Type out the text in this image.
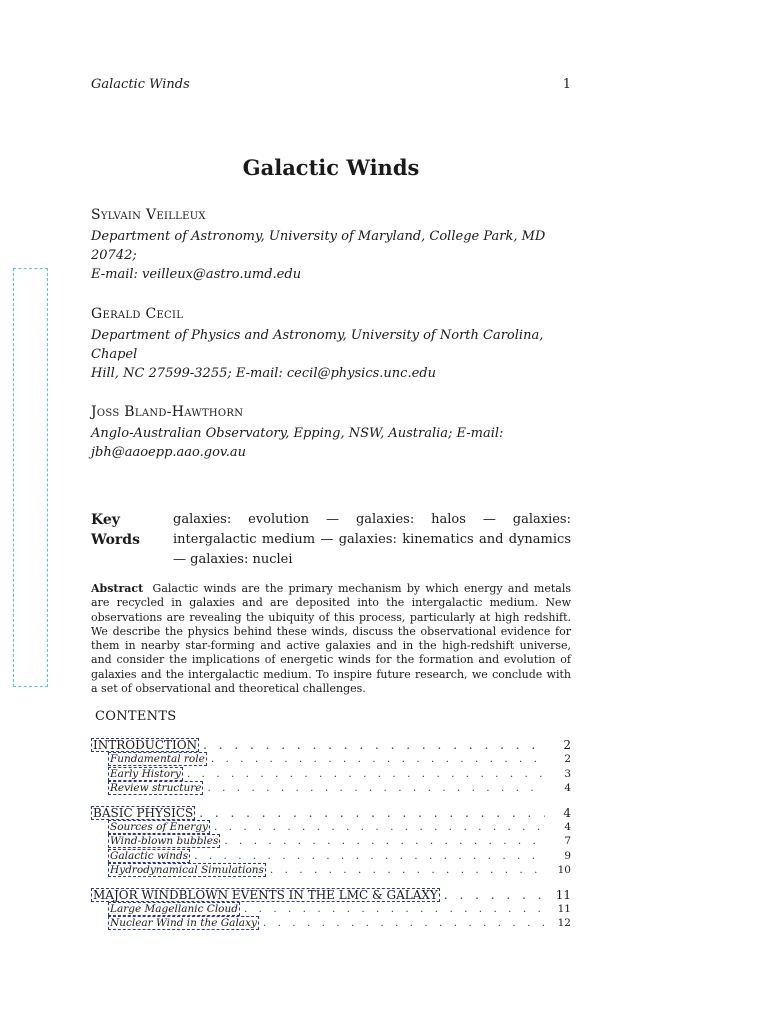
Galactic Winds	1
Galactic Winds
Sylvain Veilleux
Department of Astronomy, University of Maryland, College Park, MD 20742;
E-mail: veilleux@astro.umd.edu
Gerald Cecil
Department of Physics and Astronomy, University of North Carolina, Chapel
Hill, NC 27599-3255; E-mail: cecil@physics.unc.edu
Joss Bland-Hawthorn
Anglo-Australian Observatory, Epping, NSW, Australia; E-mail:
jbh@aaoepp.aao.gov.au
Key Words
galaxies: evolution — galaxies: halos — galaxies: intergalactic medium — galaxies: kinematics and dynamics — galaxies: nuclei
Abstract Galactic winds are the primary mechanism by which energy and metals are recycled in galaxies and are deposited into the intergalactic medium. New observations are revealing the ubiquity of this process, particularly at high redshift. We describe the physics behind these winds, discuss the observational evidence for them in nearby star-forming and active galaxies and in the high-redshift universe, and consider the implications of energetic winds for the formation and evolution of galaxies and the intergalactic medium. To inspire future research, we conclude with a set of observational and theoretical challenges.
CONTENTS
INTRODUCTION . . .	2
Fundamental role . . .	2
Early History . . .	3
Review structure . . .	4
BASIC PHYSICS . . .	4
Sources of Energy . . .	4
Wind-blown bubbles . . .	7
Galactic winds . . .	9
Hydrodynamical Simulations . . .	10
MAJOR WINDBLOWN EVENTS IN THE LMC & GALAXY . . .	11
Large Magellanic Cloud . . .	11
Nuclear Wind in the Galaxy . . .	12
